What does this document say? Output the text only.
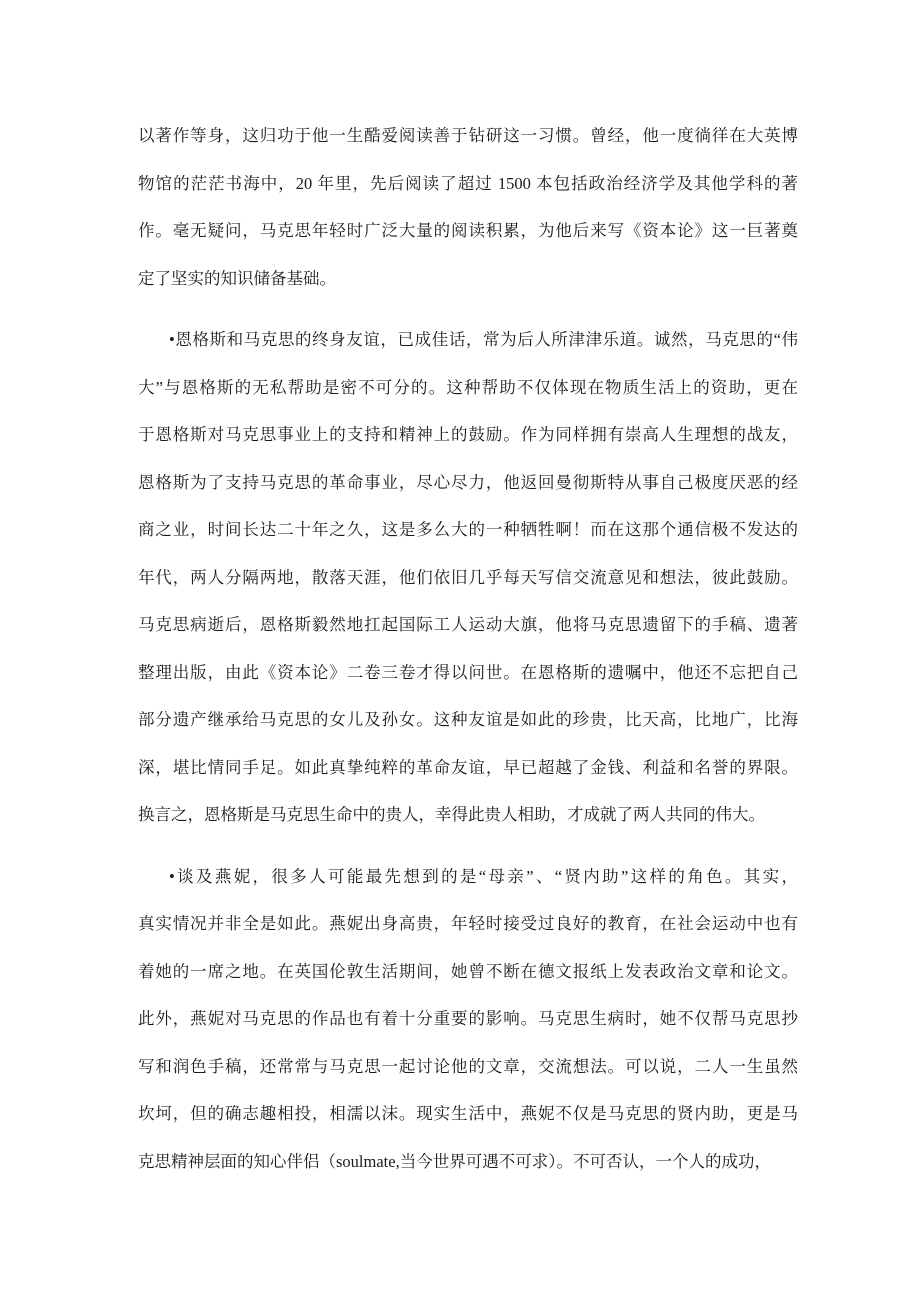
以著作等身，这归功于他一生酷爱阅读善于钻研这一习惯。曾经，他一度徜徉在大英博
物馆的茫茫书海中，20 年里，先后阅读了超过 1500 本包括政治经济学及其他学科的著
作。毫无疑问，马克思年轻时广泛大量的阅读积累，为他后来写《资本论》这一巨著奠
定了坚实的知识储备基础。
•恩格斯和马克思的终身友谊，已成佳话，常为后人所津津乐道。诚然，马克思的“伟
大”与恩格斯的无私帮助是密不可分的。这种帮助不仅体现在物质生活上的资助，更在
于恩格斯对马克思事业上的支持和精神上的鼓励。作为同样拥有崇高人生理想的战友，
恩格斯为了支持马克思的革命事业，尽心尽力，他返回曼彻斯特从事自己极度厌恶的经
商之业，时间长达二十年之久，这是多么大的一种牺牲啊！而在这那个通信极不发达的
年代，两人分隔两地，散落天涯，他们依旧几乎每天写信交流意见和想法，彼此鼓励。
马克思病逝后，恩格斯毅然地扛起国际工人运动大旗，他将马克思遗留下的手稿、遗著
整理出版，由此《资本论》二卷三卷才得以问世。在恩格斯的遗嘱中，他还不忘把自己
部分遗产继承给马克思的女儿及孙女。这种友谊是如此的珍贵，比天高，比地广，比海
深，堪比情同手足。如此真挚纯粹的革命友谊，早已超越了金钱、利益和名誉的界限。
换言之，恩格斯是马克思生命中的贵人，幸得此贵人相助，才成就了两人共同的伟大。
•谈及燕妮，很多人可能最先想到的是“母亲”、“贤内助”这样的角色。其实，
真实情况并非全是如此。燕妮出身高贵，年轻时接受过良好的教育，在社会运动中也有
着她的一席之地。在英国伦敦生活期间，她曾不断在德文报纸上发表政治文章和论文。
此外，燕妮对马克思的作品也有着十分重要的影响。马克思生病时，她不仅帮马克思抄
写和润色手稿，还常常与马克思一起讨论他的文章，交流想法。可以说，二人一生虽然
坎坷，但的确志趣相投，相濡以沫。现实生活中，燕妮不仅是马克思的贤内助，更是马
克思精神层面的知心伴侣（soulmate,当今世界可遇不可求）。不可否认，一个人的成功，
